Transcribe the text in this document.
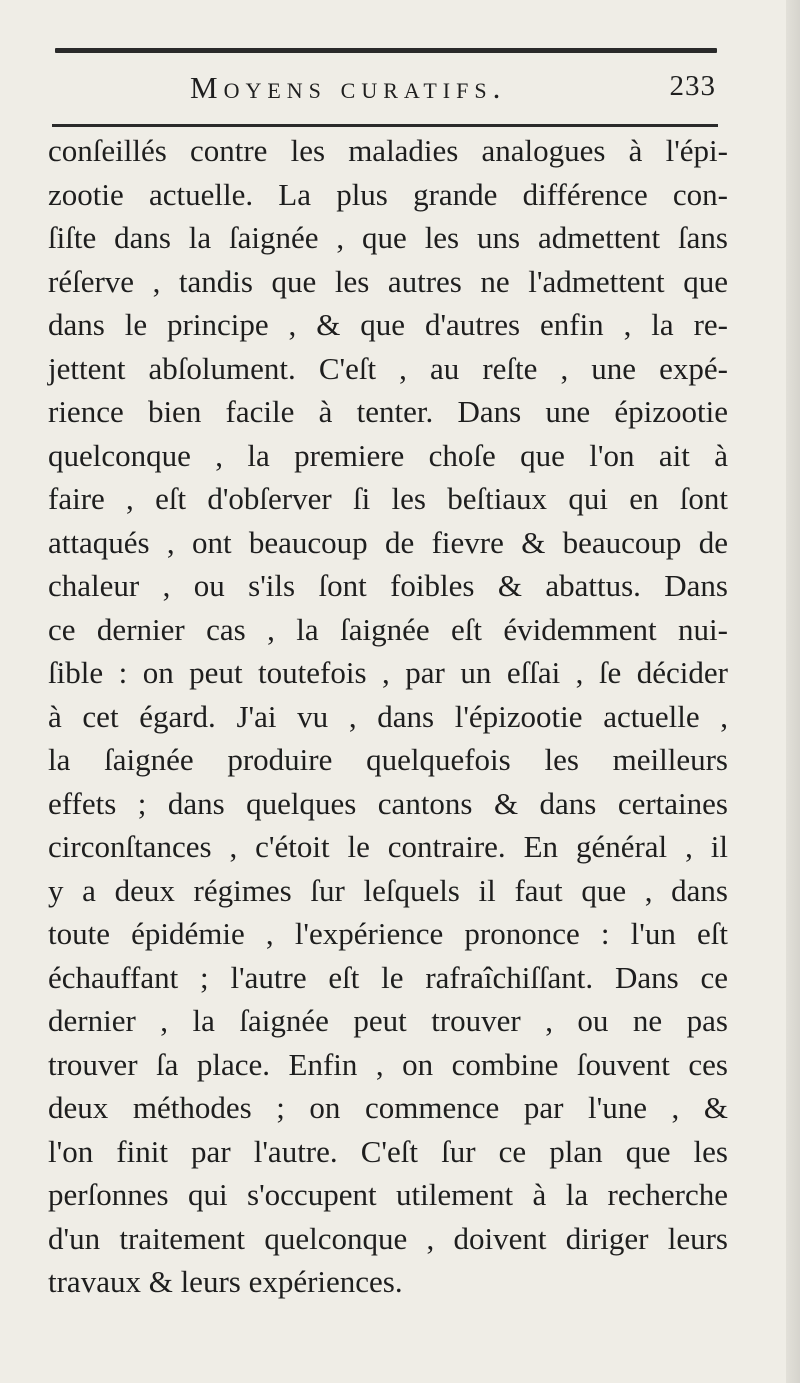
Moyens curatifs.	233
conſeillés contre les maladies analogues à l'épi-
zootie actuelle. La plus grande différence con-
ſiſte dans la ſaignée , que les uns admettent ſans
réſerve , tandis que les autres ne l'admettent que
dans le principe , & que d'autres enfin , la re-
jettent abſolument. C'eſt , au reſte , une expé-
rience bien facile à tenter. Dans une épizootie
quelconque , la premiere choſe que l'on ait à
faire , eſt d'obſerver ſi les beſtiaux qui en ſont
attaqués , ont beaucoup de fievre & beaucoup de
chaleur , ou s'ils ſont foibles & abattus. Dans
ce dernier cas , la ſaignée eſt évidemment nui-
ſible : on peut toutefois , par un eſſai , ſe décider
à cet égard. J'ai vu , dans l'épizootie actuelle ,
la ſaignée produire quelquefois les meilleurs
effets ; dans quelques cantons & dans certaines
circonſtances , c'étoit le contraire. En général , il
y a deux régimes ſur leſquels il faut que , dans
toute épidémie , l'expérience prononce : l'un eſt
échauffant ; l'autre eſt le rafraîchiſſant. Dans ce
dernier , la ſaignée peut trouver , ou ne pas
trouver ſa place. Enfin , on combine ſouvent ces
deux méthodes ; on commence par l'une , &
l'on finit par l'autre. C'eſt ſur ce plan que les
perſonnes qui s'occupent utilement à la recherche
d'un traitement quelconque , doivent diriger leurs
travaux & leurs expériences.
